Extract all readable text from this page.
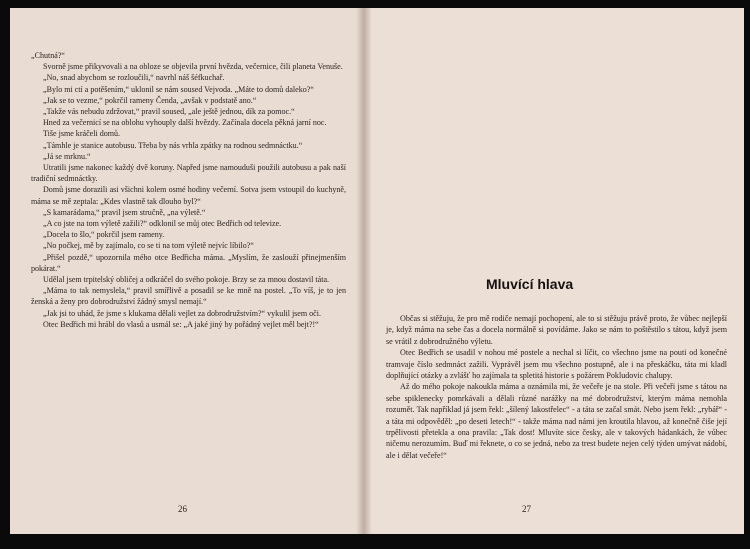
„Chutná?“

Svorně jsme přikyvovali a na obloze se objevila první hvězda, večernice, čili planeta Venuše.

„No, snad abychom se rozloučili,“ navrhl náš šéfkuchař.

„Bylo mi ctí a potěšením,“ uklonil se nám soused Vejvoda. „Máte to domů daleko?“

„Jak se to vezme,“ pokrčil rameny Čenda, „avšak v podstatě ano.“

„Takže vás nebudu zdržovat,“ pravil soused, „ale ještě jednou, dík za pomoc.“

Hned za večernicí se na oblohu vyhouply další hvězdy. Začínala docela pěkná jarní noc.

Tiše jsme kráčeli domů.

„Támhle je stanice autobusu. Třeba by nás vrhla zpátky na rodnou sedmnáctku.“

„Já se mrknu.“

Utratili jsme nakonec každý dvě koruny. Napřed jsme namouduši použili autobusu a pak naší tradiční sedmnáctky.

Domů jsme dorazili asi všichni kolem osmé hodiny večerní. Sotva jsem vstoupil do kuchyně, máma se mě zeptala: „Kdes vlastně tak dlouho byl?“

„S kamarádama,“ pravil jsem stručně, „na výletě.“

„A co jste na tom výletě zažili?“ odklonil se můj otec Bedřich od televize.

„Docela to šlo,“ pokrčil jsem rameny.

„No počkej, mě by zajímalo, co se ti na tom výletě nejvíc líbilo?“

„Přišel pozdě,“ upozornila mého otce Bedřicha máma. „Myslím, že zaslouží přinejmenším pokárat.“

Udělal jsem trpitelský obličej a odkráčel do svého pokoje. Brzy se za mnou dostavil táta.

„Máma to tak nemyslela,“ pravil smířlivě a posadil se ke mně na postel. „To víš, je to jen ženská a ženy pro dobrodružství žádný smysl nemají.“

„Jak jsi to uhád, že jsme s klukama dělali vejlet za dobrodružstvím?“ vykulil jsem oči.

Otec Bedřich mi hrábl do vlasů a usmál se: „A jaké jiný by pořádný vejlet měl bejt?!“

26
Mluvící hlava

Občas si stěžuju, že pro mě rodiče nemají pochopení, ale to si stěžuju právě proto, že vůbec nejlepší je, když máma na sebe čas a docela normálně si povídáme. Jako se nám to poštěstilo s tátou, když jsem se vrátil z dobrodružného výletu.

Otec Bedřich se usadil v nohou mé postele a nechal si líčit, co všechno jsme na pouti od konečné tramvaje číslo sedmnáct zažili. Vyprávěl jsem mu všechno postupně, ale i na přeskáčku, táta mi kladl doplňující otázky a zvlášť ho zajímala ta spletitá historie s požárem Pokludovic chalupy.

Až do mého pokoje nakoukla máma a oznámila mi, že večeře je na stole. Při večeři jsme s tátou na sebe spiklenecky pomrkávali a dělali různé narážky na mé dobrodružství, kterým máma nemohla rozumět. Tak například já jsem řekl: „šílený lakostřelec“ - a táta se začal smát. Nebo jsem řekl: „rybář“ - a táta mi odpověděl: „po deseti letech!“ - takže máma nad námi jen kroutila hlavou, až konečně čiše její trpělivosti přetekla a ona pravila: „Tak dost! Mluvíte sice česky, ale v takových hádankách, že vůbec ničemu nerozumím. Buď mi řeknete, o co se jedná, nebo za trest budete nejen celý týden umývat nádobí, ale i dělat večeře!“

27
